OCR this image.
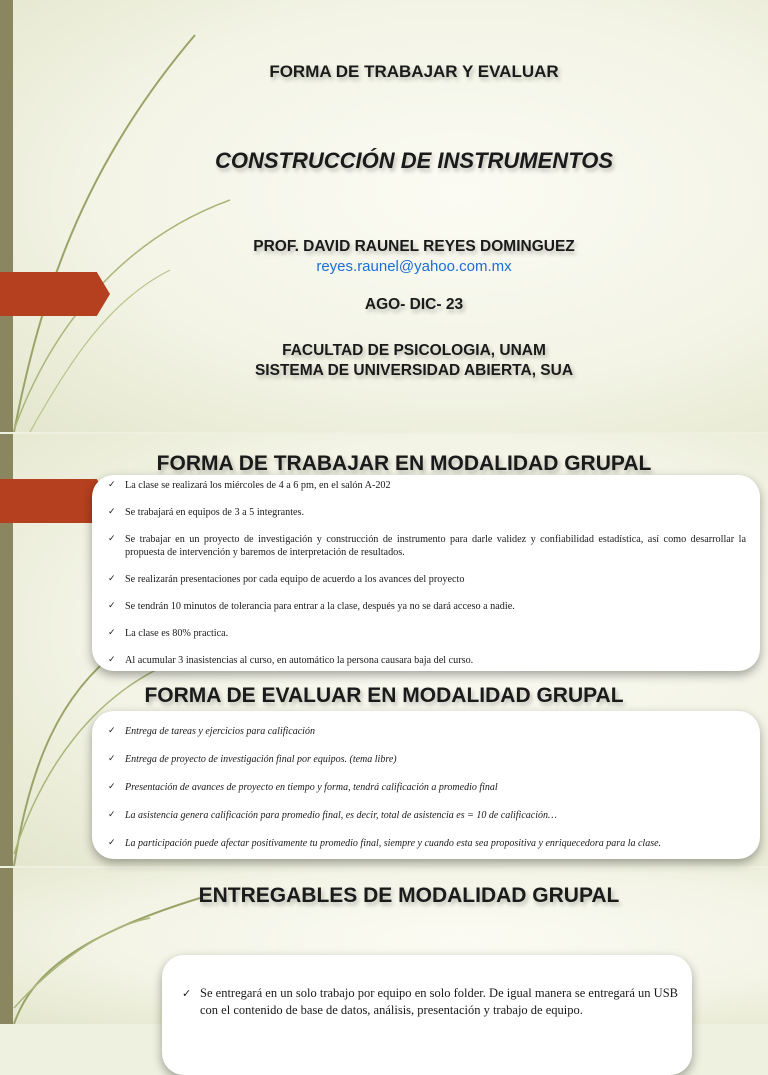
FORMA DE TRABAJAR Y EVALUAR
CONSTRUCCIÓN DE INSTRUMENTOS
PROF. DAVID RAUNEL REYES DOMINGUEZ
reyes.raunel@yahoo.com.mx
AGO- DIC- 23
FACULTAD DE PSICOLOGIA, UNAM
SISTEMA DE UNIVERSIDAD ABIERTA, SUA
FORMA DE TRABAJAR EN MODALIDAD GRUPAL
FORMA DE EVALUAR EN MODALIDAD GRUPAL
ENTREGABLES DE MODALIDAD GRUPAL
✓ La clase se realizará los miércoles de 4 a 6 pm, en el salón A-202
✓ Se trabajará en equipos de 3 a 5 integrantes.
✓ Se trabajar en un proyecto de investigación y construcción de instrumento para darle validez y confiabilidad estadística, así como desarrollar la propuesta de intervención y baremos de interpretación de resultados.
✓ Se realizarán presentaciones por cada equipo de acuerdo a los avances del proyecto
✓ Se tendrán 10 minutos de tolerancia para entrar a la clase, después ya no se dará acceso a nadie.
✓ La clase es 80% practica.
✓ Al acumular 3 inasistencias al curso, en automático la persona causara baja del curso.
✓ Entrega de tareas y ejercicios para calificación
✓ Entrega de proyecto de investigación final por equipos. (tema libre)
✓ Presentación de avances de proyecto en tiempo y forma, tendrá calificación a promedio final
✓ La asistencia genera calificación para promedio final, es decir, total de asistencia es = 10 de calificación…
✓ La participación puede afectar positivamente tu promedio final, siempre y cuando esta sea propositiva y enriquecedora para la clase.
✓ Se entregará en un solo trabajo por equipo en solo folder. De igual manera se entregará un USB con el contenido de base de datos, análisis, presentación y trabajo de equipo.
